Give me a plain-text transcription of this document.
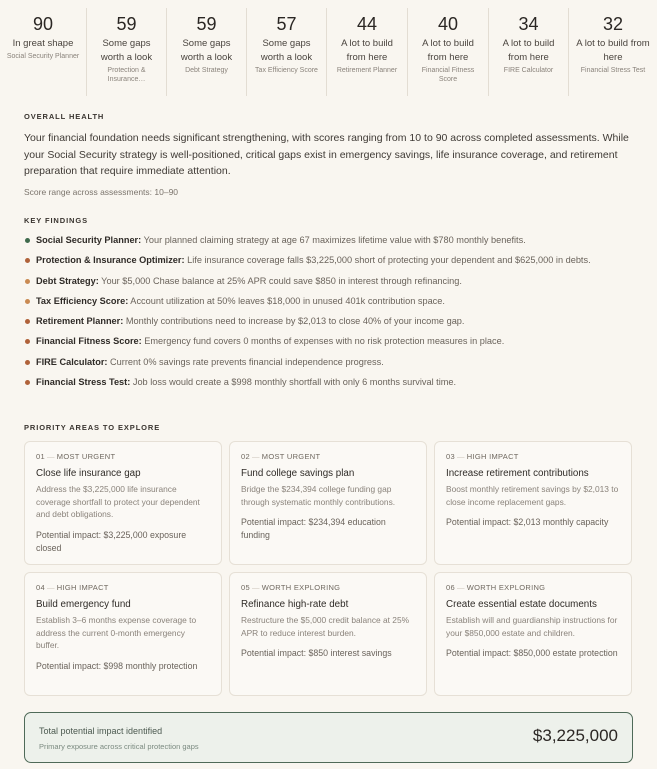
90
In great shape
Social Security Planner
59
Some gaps worth a look
Protection & Insurance…
59
Some gaps worth a look
Debt Strategy
57
Some gaps worth a look
Tax Efficiency Score
44
A lot to build from here
Retirement Planner
40
A lot to build from here
Financial Fitness Score
34
A lot to build from here
FIRE Calculator
32
A lot to build from here
Financial Stress Test
OVERALL HEALTH
Your financial foundation needs significant strengthening, with scores ranging from 10 to 90 across completed assessments. While your Social Security strategy is well-positioned, critical gaps exist in emergency savings, life insurance coverage, and retirement preparation that require immediate attention.
Score range across assessments: 10–90
KEY FINDINGS
Social Security Planner: Your planned claiming strategy at age 67 maximizes lifetime value with $780 monthly benefits.
Protection & Insurance Optimizer: Life insurance coverage falls $3,225,000 short of protecting your dependent and $625,000 in debts.
Debt Strategy: Your $5,000 Chase balance at 25% APR could save $850 in interest through refinancing.
Tax Efficiency Score: Account utilization at 50% leaves $18,000 in unused 401k contribution space.
Retirement Planner: Monthly contributions need to increase by $2,013 to close 40% of your income gap.
Financial Fitness Score: Emergency fund covers 0 months of expenses with no risk protection measures in place.
FIRE Calculator: Current 0% savings rate prevents financial independence progress.
Financial Stress Test: Job loss would create a $998 monthly shortfall with only 6 months survival time.
PRIORITY AREAS TO EXPLORE
01 — MOST URGENT
Close life insurance gap
Address the $3,225,000 life insurance coverage shortfall to protect your dependent and debt obligations.
Potential impact: $3,225,000 exposure closed
02 — MOST URGENT
Fund college savings plan
Bridge the $234,394 college funding gap through systematic monthly contributions.
Potential impact: $234,394 education funding
03 — HIGH IMPACT
Increase retirement contributions
Boost monthly retirement savings by $2,013 to close income replacement gaps.
Potential impact: $2,013 monthly capacity
04 — HIGH IMPACT
Build emergency fund
Establish 3–6 months expense coverage to address the current 0-month emergency buffer.
Potential impact: $998 monthly protection
05 — WORTH EXPLORING
Refinance high-rate debt
Restructure the $5,000 credit balance at 25% APR to reduce interest burden.
Potential impact: $850 interest savings
06 — WORTH EXPLORING
Create essential estate documents
Establish will and guardianship instructions for your $850,000 estate and children.
Potential impact: $850,000 estate protection
Total potential impact identified
Primary exposure across critical protection gaps
$3,225,000
